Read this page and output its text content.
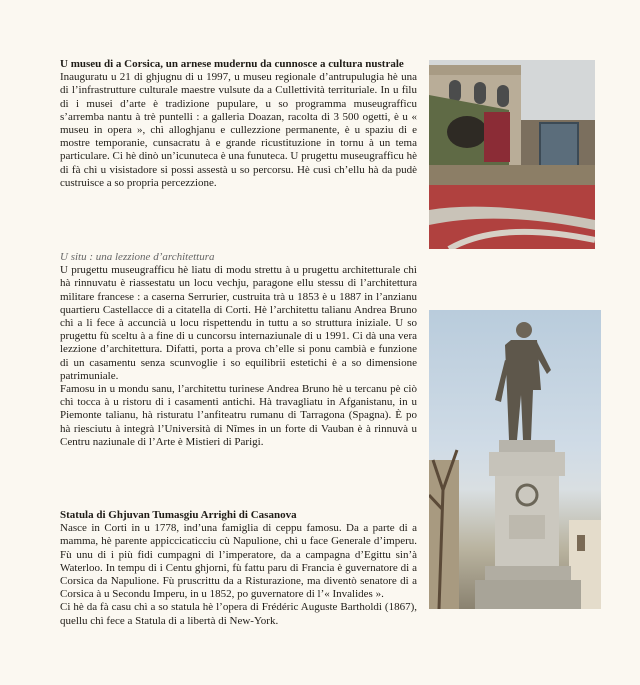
U museu di a Corsica, un arnese mudernu da cunnosce a cultura nustrale

Inauguratu u 21 di ghjugnu di u 1997, u museu regionale d’antrupulugia hè una di l’infrastrutture culturale maestre vulsute da a Cullettività territuriale. In u filu di i musei d’arte è tradizione pupulare, u so programma museugrafficu s’arremba nantu à trè puntelli : a galleria Doazan, racolta di 3 500 ogetti, è u « museu in opera », chì alloghjanu e cullezzione permanente, è u spaziu di e mostre temporanie, cunsacratu à e grande ricustituzione in tornu à un tema particulare. Ci hè dinò un’icunuteca è una funuteca. U prugettu museugrafficu hè di fà chì u visistadore si possi assestà u so percorsu. Hè cusì ch’ellu hà da pudè custruisce a so propria percezzione.

U situ : una lezzione d’architettura

U prugettu museugrafficu hè liatu di modu strettu à u prugettu architetturale chì hà rinnuvatu è riassestatu un locu vechju, paragone ellu stessu di l’architettura militare francese : a caserna Serrurier, custruita trà u 1853 è u 1887 in l’anzianu quartieru Castellacce di a citatella di Corti. Hè l’architettu talianu Andrea Bruno chì a li fece à accuncià u locu rispettendu in tuttu a so struttura iniziale. U so prugettu fù sceltu à a fine di u cuncorsu internaziunale di u 1991. Ci dà una vera lezzione d’architettura. Difatti, porta a prova ch’elle si ponu cambià e funzione di un casamentu senza scunvoglie i so equilibrii estetichi è a so dimensione patrimuniale.

Famosu in u mondu sanu, l’architettu turinese Andrea Bruno hè u tercanu pè ciò chì tocca à u ristoru di i casamenti antichi. Hà travagliatu in Afganistanu, in u Piemonte talianu, hà risturatu l’anfiteatru rumanu di Tarragona (Spagna). È po hà riesciutu à integrà l’Università di Nîmes in un forte di Vauban è à rinnuvà u Centru naziunale di l’Arte è Mistieri di Parigi.

Statula di Ghjuvan Tumasgiu Arrighi di Casanova

Nasce in Corti in u 1778, ind’una famiglia di ceppu famosu. Da a parte di a mamma, hè parente appiccicaticciu cù Napulione, chì u face Generale d’imperu. Fù unu di i più fidi cumpagni di l’imperatore, da a campagna d’Egittu sin’à Waterloo. In tempu di i Centu ghjorni, fù fattu paru di Francia è guvernatore di a Corsica da Napulione. Fù pruscrittu da a Risturazione, ma diventò senatore di a Corsica à u Secondu Imperu, in u 1852, po guvernatore di l’« Invalides ».

Ci hè da fà casu chì a so statula hè l’opera di Frédéric Auguste Bartholdi (1867), quellu chì fece a Statula di a libertà di New-York.
